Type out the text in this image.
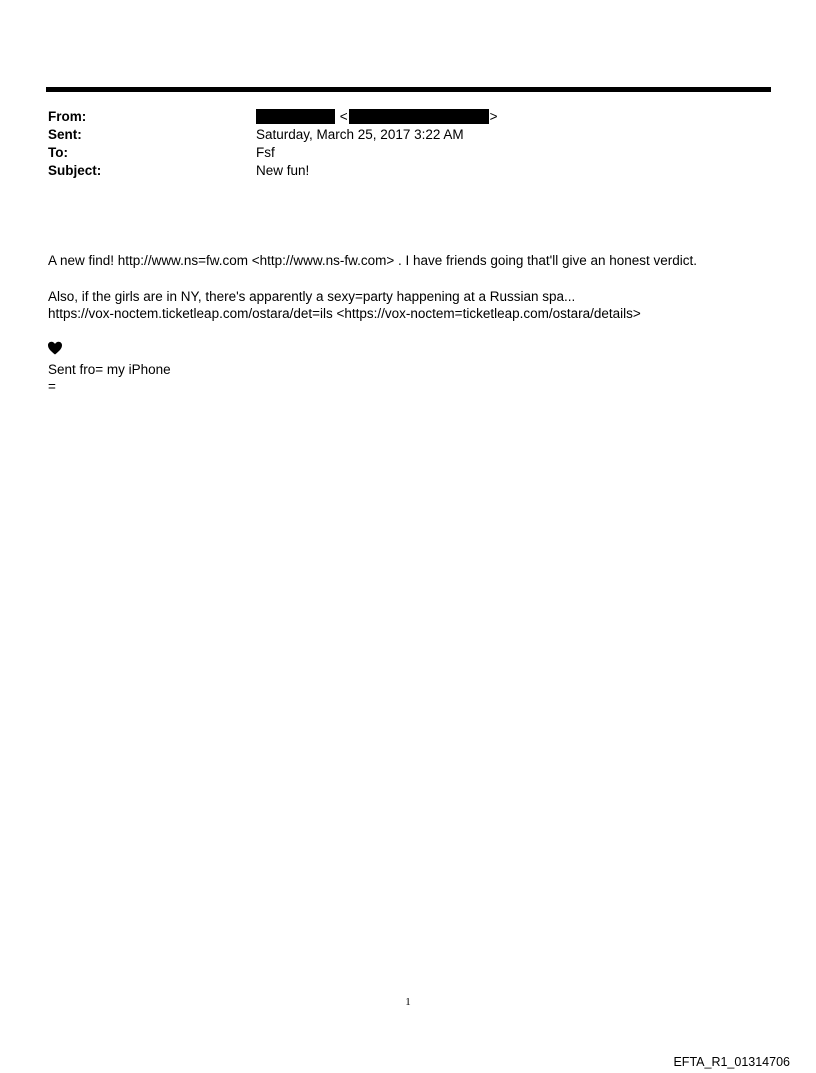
From:	<	>
Sent:	Saturday, March 25, 2017 3:22 AM
To:	Fsf
Subject:	New fun!
A new find! http://www.ns=fw.com <http://www.ns-fw.com> . I have friends going that'll give an honest verdict.
Also, if the girls are in NY, there's apparently a sexy=party happening at a Russian spa...
https://vox-noctem.ticketleap.com/ostara/det=ils <https://vox-noctem=ticketleap.com/ostara/details>
Sent fro= my iPhone
=
1
EFTA_R1_01314706
